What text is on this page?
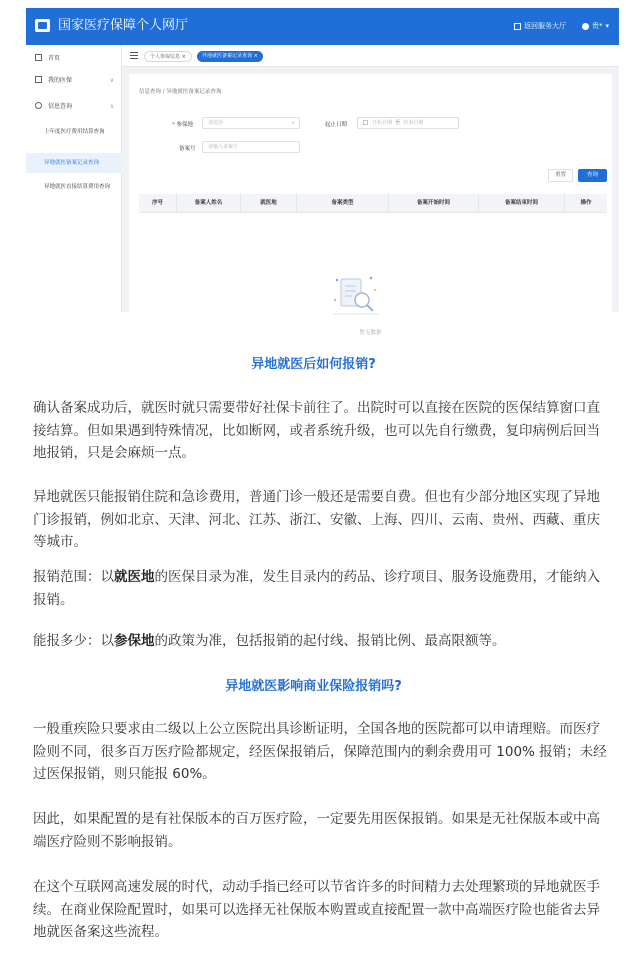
国家医疗保障个人网厅	返回服务大厅	贵* ▾
首页
我的医保	∨
信息查询	∧
上年度医疗费用结算查询
异地就医备案记录查询
异地就医直接结算费用查询
个人参保信息 ×	异地就医备案记录查询 ×
信息查询 / 异地就医备案记录查询
* 参保地	请选择	∨	起止日期	开始日期 至 结束日期
备案号	请输入备案号
重置	查询
序号	备案人姓名	就医地	备案类型	备案开始时间	备案结束时间	操作
暂无数据
异地就医后如何报销?

确认备案成功后，就医时就只需要带好社保卡前往了。出院时可以直接在医院的医保结算窗口直接结算。但如果遇到特殊情况，比如断网，或者系统升级，也可以先自行缴费，复印病例后回当地报销，只是会麻烦一点。

异地就医只能报销住院和急诊费用，普通门诊一般还是需要自费。但也有少部分地区实现了异地门诊报销，例如北京、天津、河北、江苏、浙江、安徽、上海、四川、云南、贵州、西藏、重庆等城市。

报销范围：以就医地的医保目录为准，发生目录内的药品、诊疗项目、服务设施费用，才能纳入报销。

能报多少：以参保地的政策为准，包括报销的起付线、报销比例、最高限额等。

异地就医影响商业保险报销吗?

一般重疾险只要求由二级以上公立医院出具诊断证明，全国各地的医院都可以申请理赔。而医疗险则不同，很多百万医疗险都规定，经医保报销后，保障范围内的剩余费用可 100% 报销；未经过医保报销，则只能报 60%。

因此，如果配置的是有社保版本的百万医疗险，一定要先用医保报销。如果是无社保版本或中高端医疗险则不影响报销。

在这个互联网高速发展的时代，动动手指已经可以节省许多的时间精力去处理繁琐的异地就医手续。在商业保险配置时，如果可以选择无社保版本购置或直接配置一款中高端医疗险也能省去异地就医备案这些流程。
